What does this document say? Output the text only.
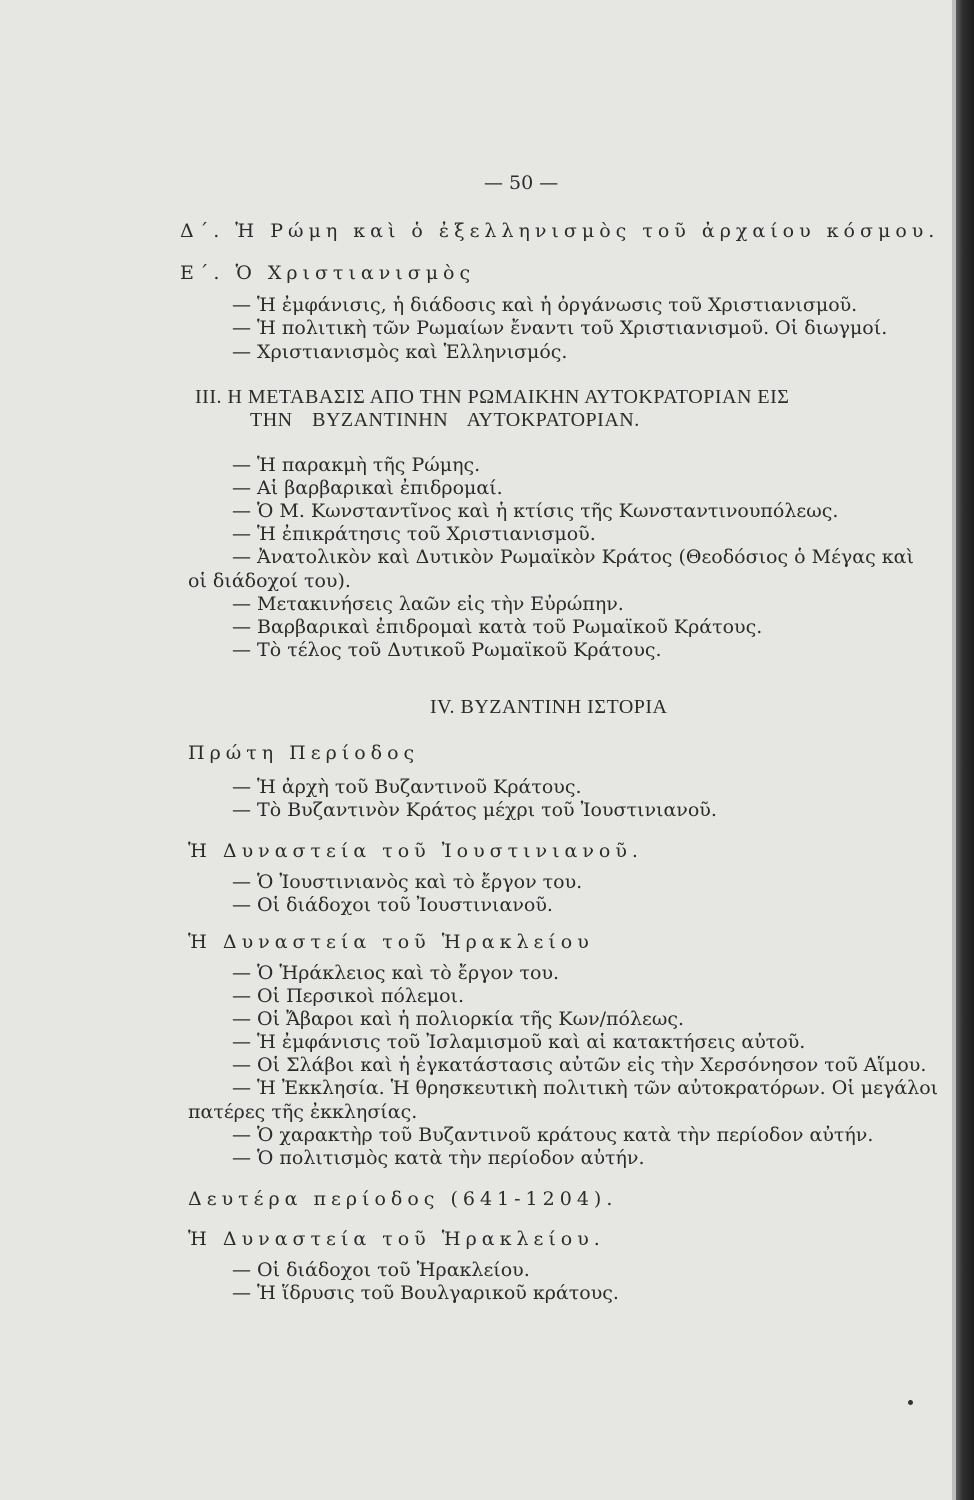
— 50 —
Δ΄. Ἡ Ρώμη καὶ ὁ ἐξελληνισμὸς τοῦ ἀρχαίου κόσμου.
Ε΄. Ὁ Χριστιανισμὸς
— Ἡ ἐμφάνισις, ἡ διάδοσις καὶ ἡ ὀργάνωσις τοῦ Χριστιανισμοῦ.
— Ἡ πολιτικὴ τῶν Ρωμαίων ἔναντι τοῦ Χριστιανισμοῦ. Οἱ διωγμοί.
— Χριστιανισμὸς καὶ Ἑλληνισμός.
ΙΙΙ. Η ΜΕΤΑΒΑΣΙΣ ΑΠΟ ΤΗΝ ΡΩΜΑΙΚΗΝ ΑΥΤΟΚΡΑΤΟΡΙΑΝ ΕΙΣ
ΤΗΝ ΒΥΖΑΝΤΙΝΗΝ ΑΥΤΟΚΡΑΤΟΡΙΑΝ.
— Ἡ παρακμὴ τῆς Ρώμης.
— Αἱ βαρβαρικαὶ ἐπιδρομαί.
— Ὁ Μ. Κωνσταντῖνος καὶ ἡ κτίσις τῆς Κωνσταντινουπόλεως.
— Ἡ ἐπικράτησις τοῦ Χριστιανισμοῦ.
— Ἀνατολικὸν καὶ Δυτικὸν Ρωμαϊκὸν Κράτος (Θεοδόσιος ὁ Μέγας καὶ
οἱ διάδοχοί του).
— Μετακινήσεις λαῶν εἰς τὴν Εὐρώπην.
— Βαρβαρικαὶ ἐπιδρομαὶ κατὰ τοῦ Ρωμαϊκοῦ Κράτους.
— Τὸ τέλος τοῦ Δυτικοῦ Ρωμαϊκοῦ Κράτους.
IV. ΒΥΖΑΝΤΙΝΗ ΙΣΤΟΡΙΑ
Πρώτη Περίοδος
— Ἡ ἀρχὴ τοῦ Βυζαντινοῦ Κράτους.
— Τὸ Βυζαντινὸν Κράτος μέχρι τοῦ Ἰουστινιανοῦ.
Ἡ Δυναστεία τοῦ Ἰουστινιανοῦ.
— Ὁ Ἰουστινιανὸς καὶ τὸ ἔργον του.
— Οἱ διάδοχοι τοῦ Ἰουστινιανοῦ.
Ἡ Δυναστεία τοῦ Ἡρακλείου
— Ὁ Ἡράκλειος καὶ τὸ ἔργον του.
— Οἱ Περσικοὶ πόλεμοι.
— Οἱ Ἄβαροι καὶ ἡ πολιορκία τῆς Κων/πόλεως.
— Ἡ ἐμφάνισις τοῦ Ἰσλαμισμοῦ καὶ αἱ κατακτήσεις αὐτοῦ.
— Οἱ Σλάβοι καὶ ἡ ἐγκατάστασις αὐτῶν εἰς τὴν Χερσόνησον τοῦ Αἵμου.
— Ἡ Ἐκκλησία. Ἡ θρησκευτικὴ πολιτικὴ τῶν αὐτοκρατόρων. Οἱ μεγάλοι
πατέρες τῆς ἐκκλησίας.
— Ὁ χαρακτὴρ τοῦ Βυζαντινοῦ κράτους κατὰ τὴν περίοδον αὐτήν.
— Ὁ πολιτισμὸς κατὰ τὴν περίοδον αὐτήν.
Δευτέρα περίοδος (641-1204).
Ἡ Δυναστεία τοῦ Ἡρακλείου.
— Οἱ διάδοχοι τοῦ Ἡρακλείου.
— Ἡ ἵδρυσις τοῦ Βουλγαρικοῦ κράτους.
